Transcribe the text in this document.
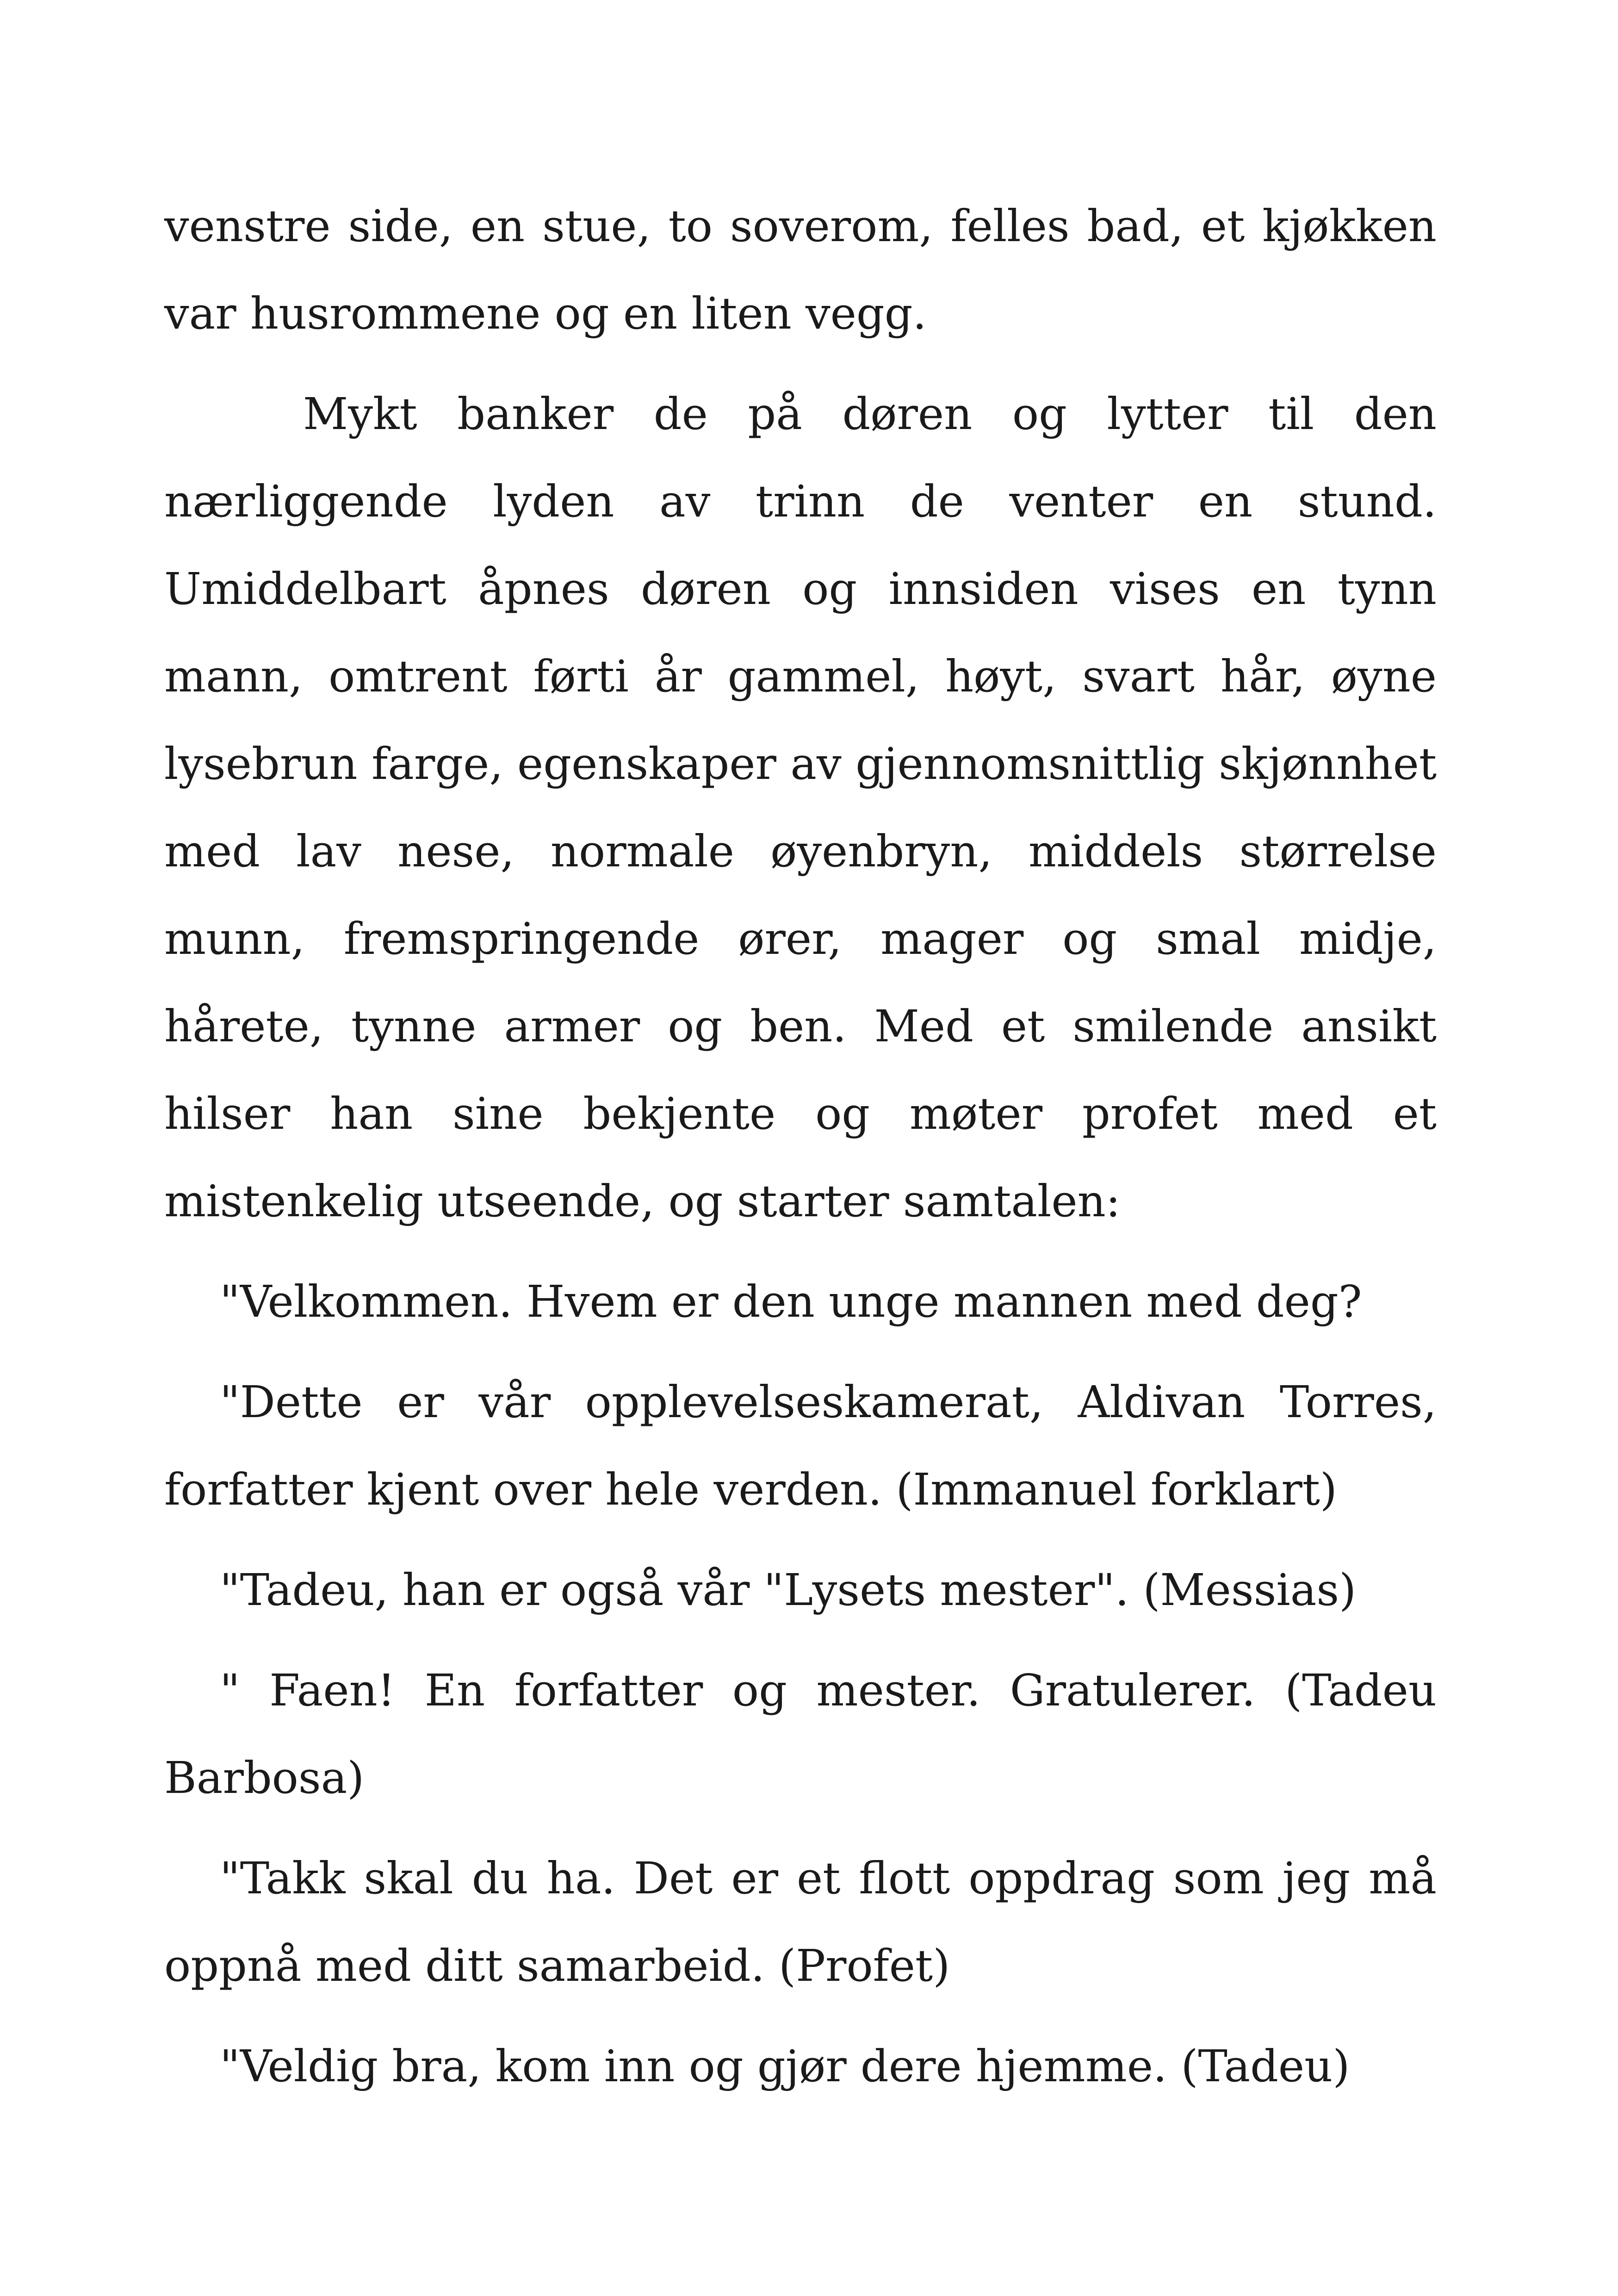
venstre side, en stue, to soverom, felles bad, et kjøkken var husrommene og en liten vegg.

Mykt banker de på døren og lytter til den nærliggende lyden av trinn de venter en stund. Umiddelbart åpnes døren og innsiden vises en tynn mann, omtrent førti år gammel, høyt, svart hår, øyne lysebrun farge, egenskaper av gjennomsnittlig skjønnhet med lav nese, normale øyenbryn, middels størrelse munn, fremspringende ører, mager og smal midje, hårete, tynne armer og ben. Med et smilende ansikt hilser han sine bekjente og møter profet med et mistenkelig utseende, og starter samtalen:

"Velkommen. Hvem er den unge mannen med deg?

"Dette er vår opplevelseskamerat, Aldivan Torres, forfatter kjent over hele verden. (Immanuel forklart)

"Tadeu, han er også vår "Lysets mester". (Messias)

" Faen! En forfatter og mester. Gratulerer. (Tadeu Barbosa)

"Takk skal du ha. Det er et flott oppdrag som jeg må oppnå med ditt samarbeid. (Profet)

"Veldig bra, kom inn og gjør dere hjemme. (Tadeu)
